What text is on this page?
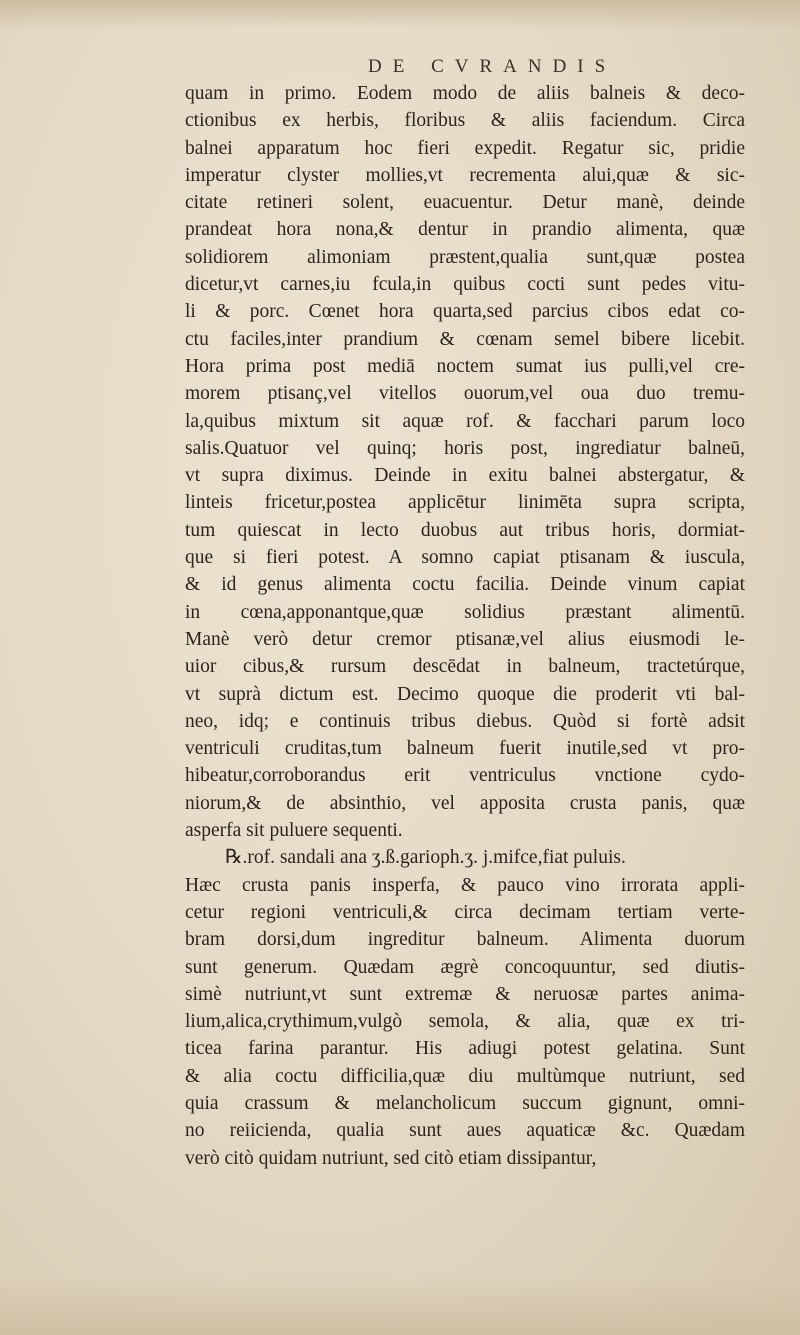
DE CVRANDIS
quam in primo. Eodem modo de aliis balneis & deco-
ctionibus ex herbis, floribus & aliis faciendum. Circa
balnei apparatum hoc fieri expedit. Regatur sic, pridie
imperatur clyster mollies,vt recrementa alui,quæ & sic-
citate retineri solent, euacuentur. Detur manè, deinde
prandeat hora nona,& dentur in prandio alimenta, quæ
solidiorem alimoniam præstent,qualia sunt,quæ postea
dicetur,vt carnes,iu fcula,in quibus cocti sunt pedes vitu-
li & porc. Cœnet hora quarta,sed parcius cibos edat co-
ctu faciles,inter prandium & cœnam semel bibere licebit.
Hora prima post mediā noctem sumat ius pulli,vel cre-
morem ptisanç,vel vitellos ouorum,vel oua duo tremu-
la,quibus mixtum sit aquæ rof. & facchari parum loco
salis.Quatuor vel quinq; horis post, ingrediatur balneū,
vt supra diximus. Deinde in exitu balnei abstergatur, &
linteis fricetur,postea applicētur linimēta supra scripta,
tum quiescat in lecto duobus aut tribus horis, dormiat-
que si fieri potest. A somno capiat ptisanam & iuscula,
& id genus alimenta coctu facilia. Deinde vinum capiat
in cœna,apponantque,quæ solidius præstant alimentū.
Manè verò detur cremor ptisanæ,vel alius eiusmodi le-
uior cibus,& rursum descēdat in balneum, tractetúrque,
vt suprà dictum est. Decimo quoque die proderit vti bal-
neo, idq; e continuis tribus diebus. Quòd si fortè adsit
ventriculi cruditas,tum balneum fuerit inutile,sed vt pro-
hibeatur,corroborandus erit ventriculus vnctione cydo-
niorum,& de absinthio, vel apposita crusta panis, quæ
asperfa sit puluere sequenti.
℞.rof. sandali ana ʒ.ß.garioph.ʒ. j.mifce,fiat puluis.
Hæc crusta panis insperfa, & pauco vino irrorata appli-
cetur regioni ventriculi,& circa decimam tertiam verte-
bram dorsi,dum ingreditur balneum. Alimenta duorum
sunt generum. Quædam ægrè concoquuntur, sed diutis-
simè nutriunt,vt sunt extremæ & neruosæ partes anima-
lium,alica,crythimum,vulgò semola, & alia, quæ ex tri-
ticea farina parantur. His adiugi potest gelatina. Sunt
& alia coctu difficilia,quæ diu multùmque nutriunt, sed
quia crassum & melancholicum succum gignunt, omni-
no reiicienda, qualia sunt aues aquaticæ &c. Quædam
verò citò quidam nutriunt, sed citò etiam dissipantur,
